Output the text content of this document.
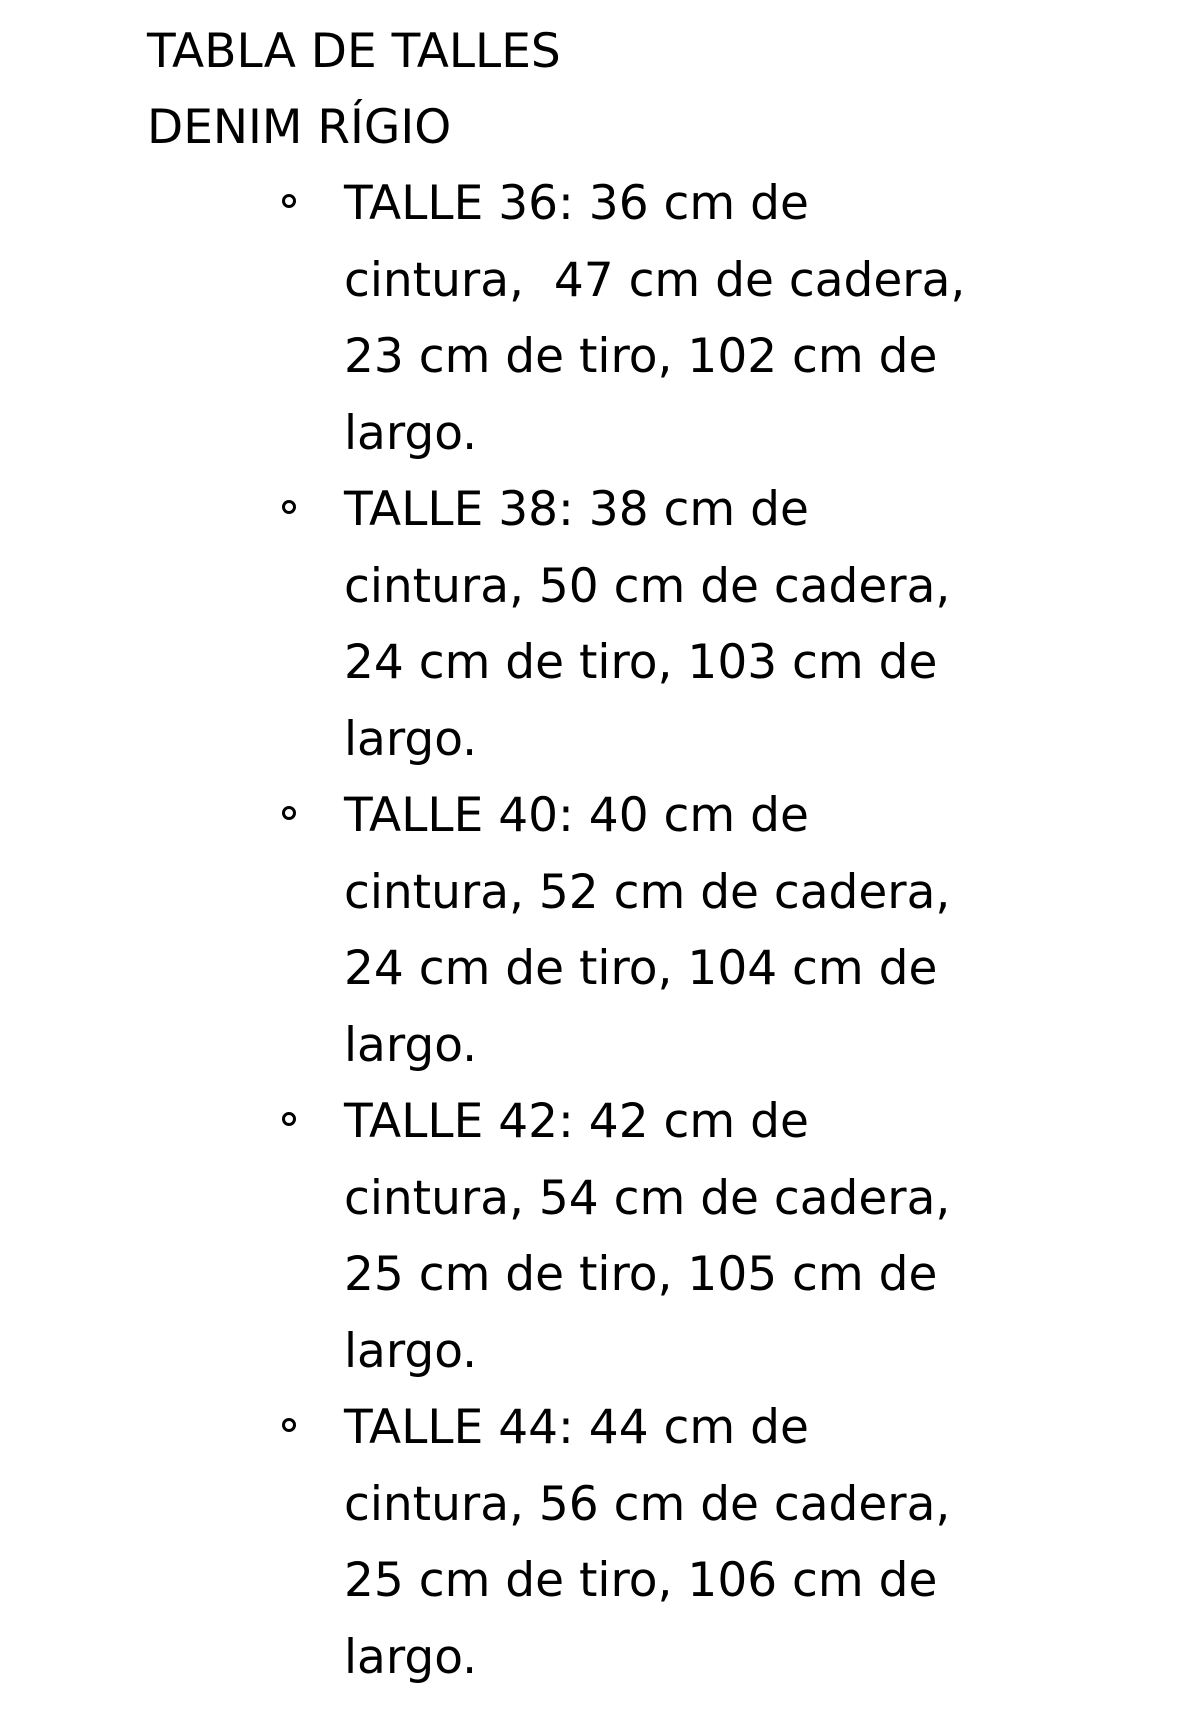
TABLA DE TALLES
DENIM RÍGIO
TALLE 36: 36 cm de
cintura,  47 cm de cadera,
23 cm de tiro, 102 cm de
largo.
TALLE 38: 38 cm de
cintura, 50 cm de cadera,
24 cm de tiro, 103 cm de
largo.
TALLE 40: 40 cm de
cintura, 52 cm de cadera,
24 cm de tiro, 104 cm de
largo.
TALLE 42: 42 cm de
cintura, 54 cm de cadera,
25 cm de tiro, 105 cm de
largo.
TALLE 44: 44 cm de
cintura, 56 cm de cadera,
25 cm de tiro, 106 cm de
largo.
